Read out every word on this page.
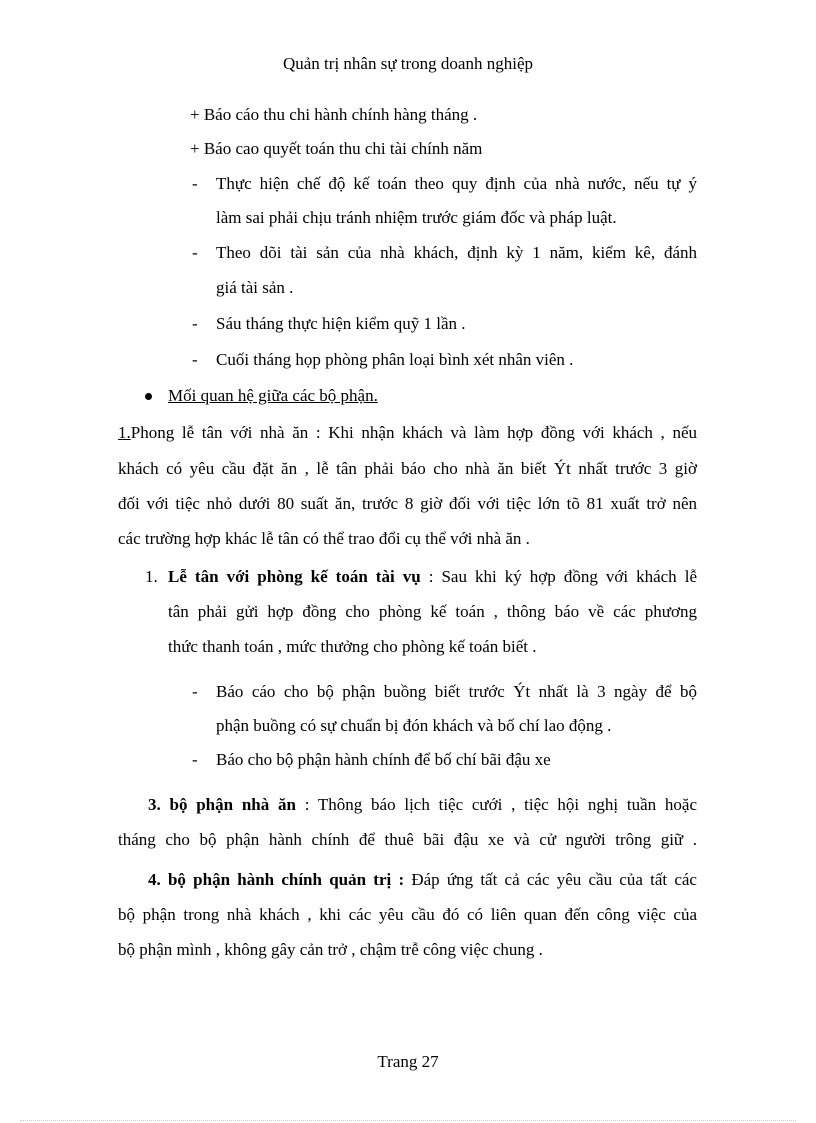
Quản trị nhân sự trong doanh nghiệp
+ Báo cáo thu chi hành chính hàng tháng .
+ Báo cao quyết toán thu chi tài chính năm
- Thực hiện chế độ kế toán theo quy định của nhà nước, nếu tự ý
làm sai phải chịu tránh nhiệm trước giám đốc và pháp luật.
- Theo dõi tài sản của nhà khách, định kỳ 1 năm, kiểm kê, đánh
giá tài sản .
- Sáu tháng thực hiện kiểm quỹ 1 lần .
- Cuối tháng họp phòng phân loại bình xét nhân viên .
Mối quan hệ giữa các bộ phận.
1.Phong lễ tân với nhà ăn : Khi nhận khách và làm hợp đồng với khách , nếu
khách có yêu cầu đặt ăn , lễ tân phải báo cho nhà ăn biết Ýt nhất trước 3 giờ
đối với tiệc nhỏ dưới 80 suất ăn, trước 8 giờ đối với tiệc lớn tõ 81 xuất trở nên
các trường hợp khác lễ tân có thể trao đổi cụ thể với nhà ăn .
1. Lễ tân với phòng kế toán tài vụ : Sau khi ký hợp đồng với khách lễ
tân phải gửi hợp đồng cho phòng kế toán , thông báo về các phương
thức thanh toán , mức thưởng cho phòng kế toán biết .
- Báo cáo cho bộ phận buồng biết trước Ýt nhất là 3 ngày để bộ
phận buồng có sự chuẩn bị đón khách và bố chí lao động .
- Báo cho bộ phận hành chính để bố chí bãi đậu xe
3. bộ phận nhà ăn : Thông báo lịch tiệc cưới , tiệc hội nghị tuần hoặc
tháng cho bộ phận hành chính để thuê bãi đậu xe và cử người trông giữ .
4. bộ phận hành chính quản trị : Đáp ứng tất cả các yêu cầu của tất các
bộ phận trong nhà khách , khi các yêu cầu đó có liên quan đến công việc của
bộ phận mình , không gây cản trở , chậm trễ công việc chung .
Trang 27
